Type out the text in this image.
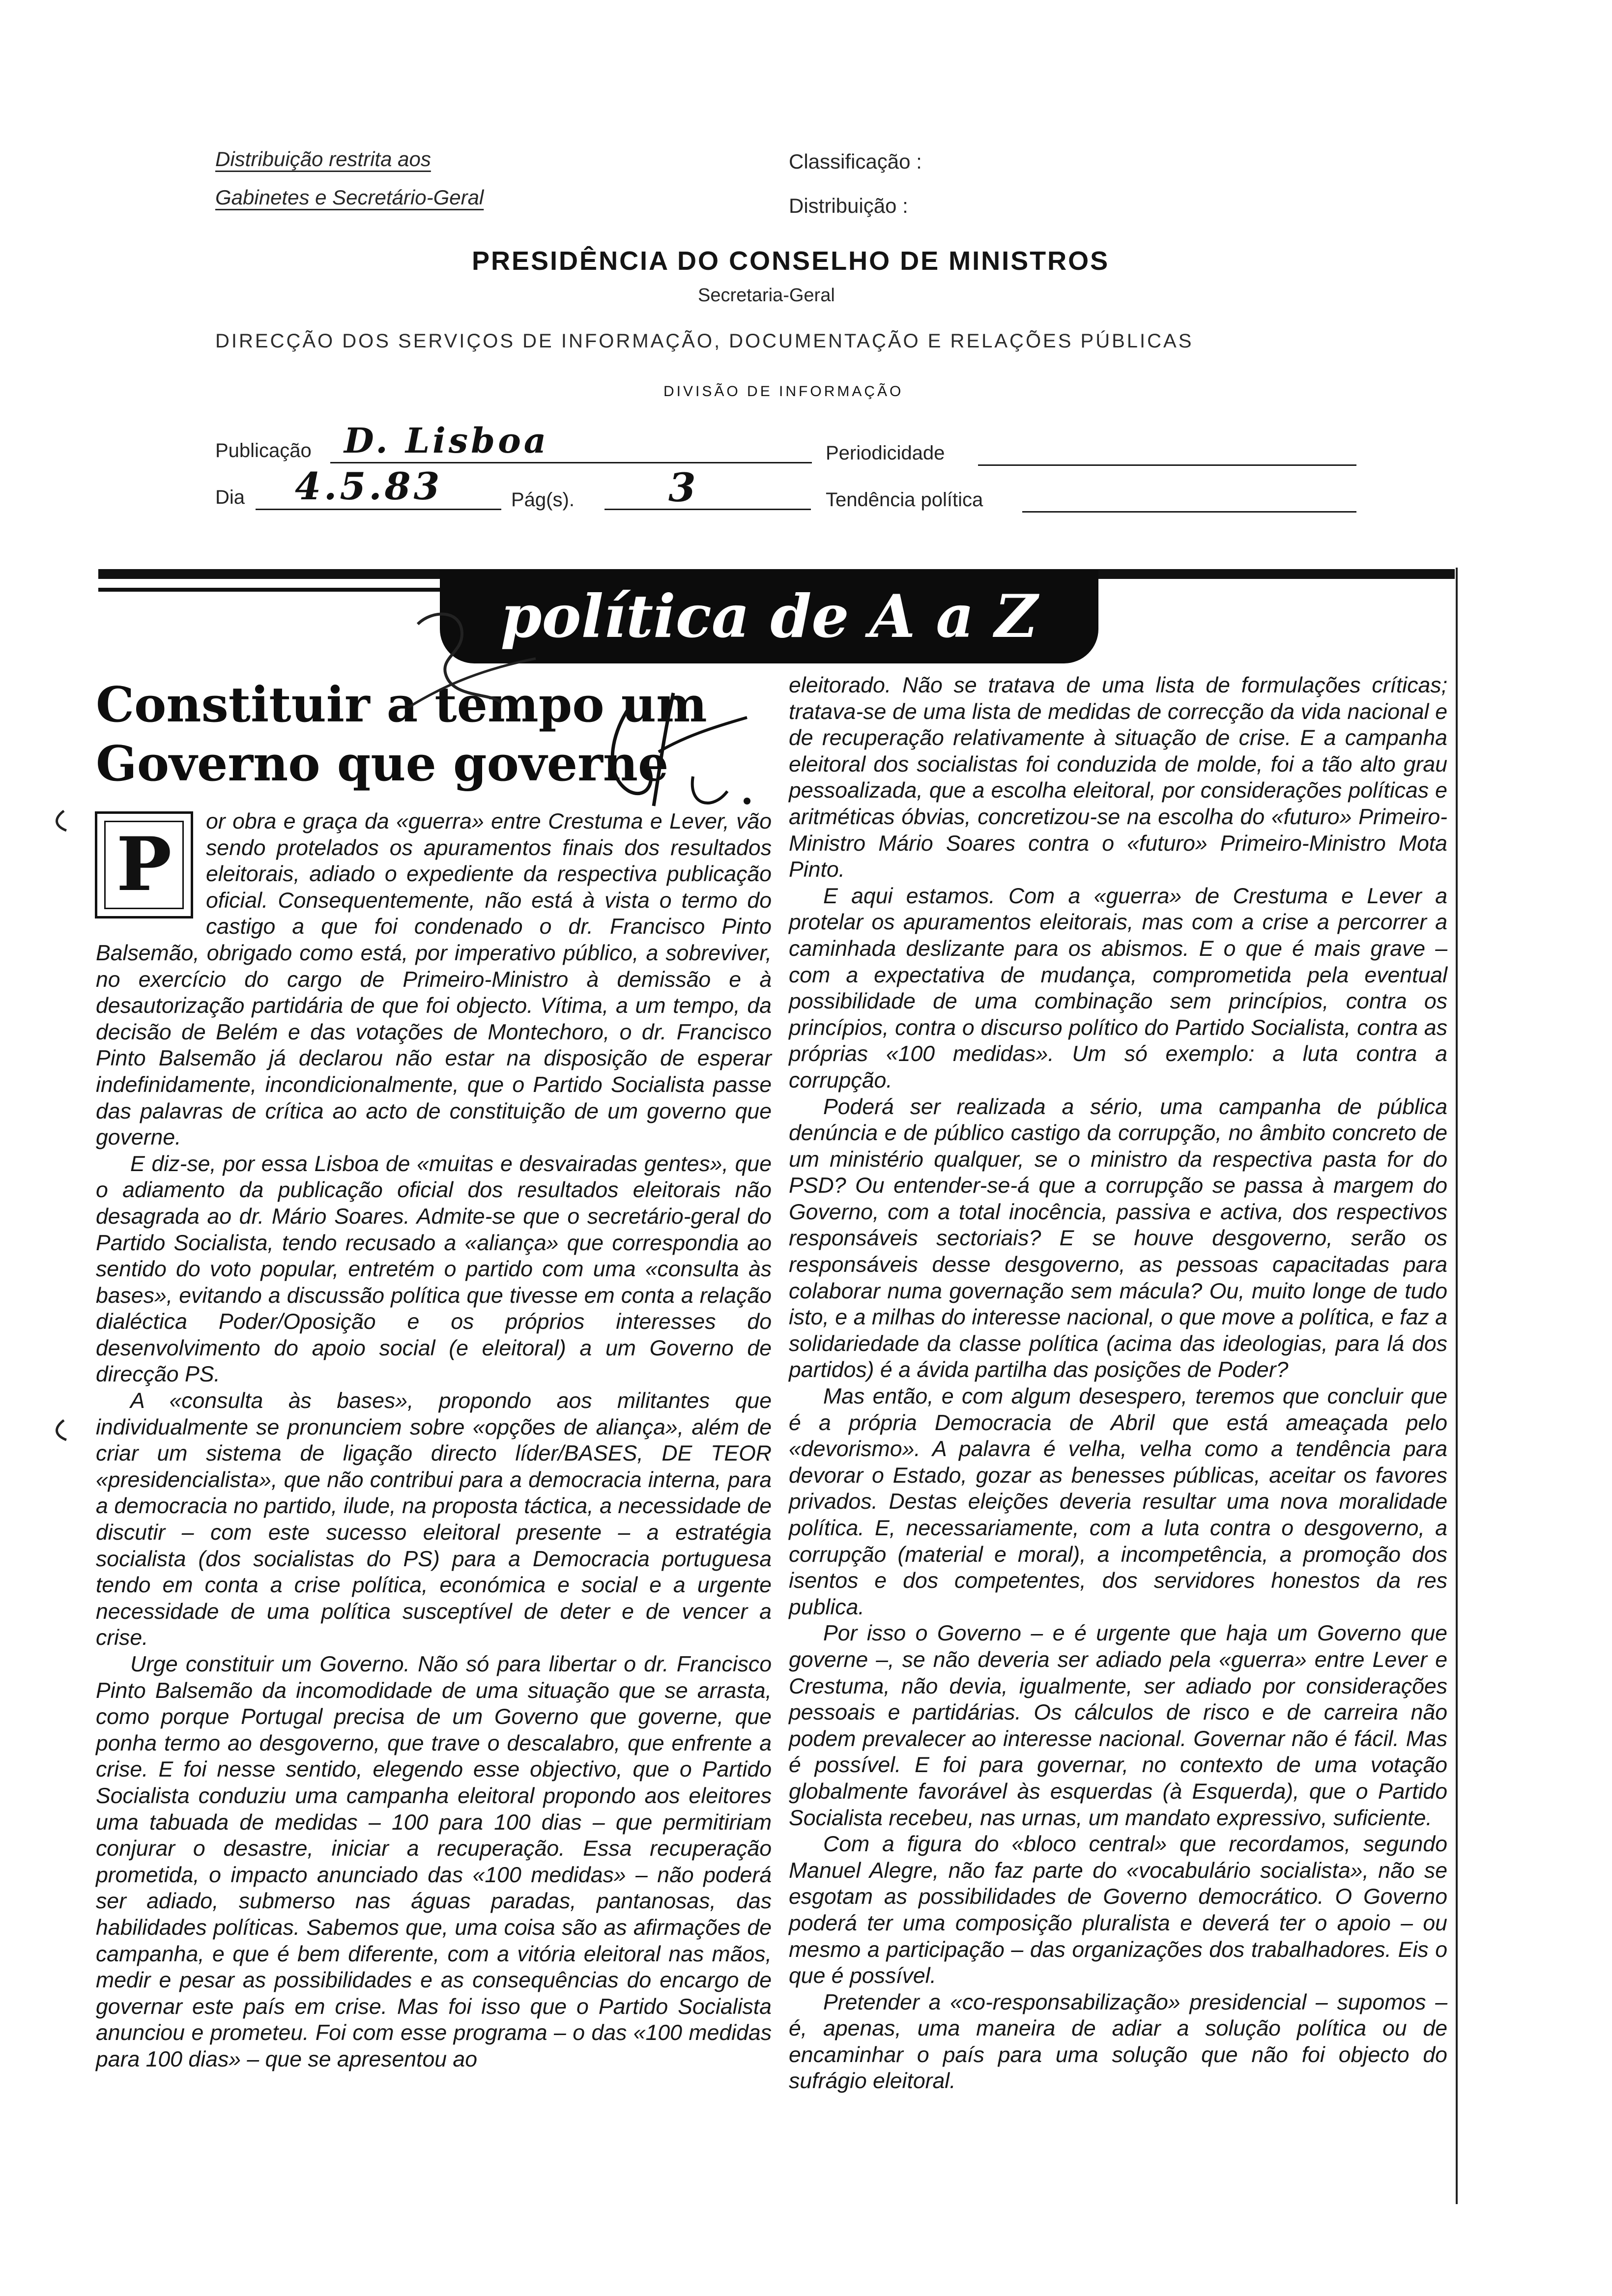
Distribuição restrita aos
Gabinetes e Secretário-Geral
Classificação :
Distribuição :
PRESIDÊNCIA DO CONSELHO DE MINISTROS
Secretaria-Geral
DIRECÇÃO DOS SERVIÇOS DE INFORMAÇÃO, DOCUMENTAÇÃO E RELAÇÕES PÚBLICAS
DIVISÃO DE INFORMAÇÃO
Publicação D. Lisboa	Periodicidade
Dia 4.5.83	Pág(s). 3	Tendência política
política de A a Z
Constituir a tempo um
Governo que governe
P	or obra e graça da «guerra» entre Crestuma e Lever, vão sendo protelados os apuramentos finais dos resultados eleitorais, adiado o expediente da respectiva publicação oficial. Consequentemente, não está à vista o termo do castigo a que foi condenado o dr. Francisco Pinto Balsemão, obrigado como está, por imperativo público, a sobreviver, no exercício do cargo de Primeiro-Ministro à demissão e à desautorização partidária de que foi objecto. Vítima, a um tempo, da decisão de Belém e das votações de Montechoro, o dr. Francisco Pinto Balsemão já declarou não estar na disposição de esperar indefinidamente, incondicionalmente, que o Partido Socialista passe das palavras de crítica ao acto de constituição de um governo que governe.

E diz-se, por essa Lisboa de «muitas e desvairadas gentes», que o adiamento da publicação oficial dos resultados eleitorais não desagrada ao dr. Mário Soares. Admite-se que o secretário-geral do Partido Socialista, tendo recusado a «aliança» que correspondia ao sentido do voto popular, entretém o partido com uma «consulta às bases», evitando a discussão política que tivesse em conta a relação dialéctica Poder/Oposição e os próprios interesses do desenvolvimento do apoio social (e eleitoral) a um Governo de direcção PS.

A «consulta às bases», propondo aos militantes que individualmente se pronunciem sobre «opções de aliança», além de criar um sistema de ligação directo líder/BASES, DE TEOR «presidencialista», que não contribui para a democracia interna, para a democracia no partido, ilude, na proposta táctica, a necessidade de discutir – com este sucesso eleitoral presente – a estratégia socialista (dos socialistas do PS) para a Democracia portuguesa tendo em conta a crise política, económica e social e a urgente necessidade de uma política susceptível de deter e de vencer a crise.

Urge constituir um Governo. Não só para libertar o dr. Francisco Pinto Balsemão da incomodidade de uma situação que se arrasta, como porque Portugal precisa de um Governo que governe, que ponha termo ao desgoverno, que trave o descalabro, que enfrente a crise. E foi nesse sentido, elegendo esse objectivo, que o Partido Socialista conduziu uma campanha eleitoral propondo aos eleitores uma tabuada de medidas – 100 para 100 dias – que permitiriam conjurar o desastre, iniciar a recuperação. Essa recuperação prometida, o impacto anunciado das «100 medidas» – não poderá ser adiado, submerso nas águas paradas, pantanosas, das habilidades políticas. Sabemos que, uma coisa são as afirmações de campanha, e que é bem diferente, com a vitória eleitoral nas mãos, medir e pesar as possibilidades e as consequências do encargo de governar este país em crise. Mas foi isso que o Partido Socialista anunciou e prometeu. Foi com esse programa – o das «100 medidas para 100 dias» – que se apresentou ao

eleitorado. Não se tratava de uma lista de formulações críticas; tratava-se de uma lista de medidas de correcção da vida nacional e de recuperação relativamente à situação de crise. E a campanha eleitoral dos socialistas foi conduzida de molde, foi a tão alto grau pessoalizada, que a escolha eleitoral, por considerações políticas e aritméticas óbvias, concretizou-se na escolha do «futuro» Primeiro-Ministro Mário Soares contra o «futuro» Primeiro-Ministro Mota Pinto.

E aqui estamos. Com a «guerra» de Crestuma e Lever a protelar os apuramentos eleitorais, mas com a crise a percorrer a caminhada deslizante para os abismos. E o que é mais grave – com a expectativa de mudança, comprometida pela eventual possibilidade de uma combinação sem princípios, contra os princípios, contra o discurso político do Partido Socialista, contra as próprias «100 medidas». Um só exemplo: a luta contra a corrupção.

Poderá ser realizada a sério, uma campanha de pública denúncia e de público castigo da corrupção, no âmbito concreto de um ministério qualquer, se o ministro da respectiva pasta for do PSD? Ou entender-se-á que a corrupção se passa à margem do Governo, com a total inocência, passiva e activa, dos respectivos responsáveis sectoriais? E se houve desgoverno, serão os responsáveis desse desgoverno, as pessoas capacitadas para colaborar numa governação sem mácula? Ou, muito longe de tudo isto, e a milhas do interesse nacional, o que move a política, e faz a solidariedade da classe política (acima das ideologias, para lá dos partidos) é a ávida partilha das posições de Poder?

Mas então, e com algum desespero, teremos que concluir que é a própria Democracia de Abril que está ameaçada pelo «devorismo». A palavra é velha, velha como a tendência para devorar o Estado, gozar as benesses públicas, aceitar os favores privados. Destas eleições deveria resultar uma nova moralidade política. E, necessariamente, com a luta contra o desgoverno, a corrupção (material e moral), a incompetência, a promoção dos isentos e dos competentes, dos servidores honestos da res publica.

Por isso o Governo – e é urgente que haja um Governo que governe –, se não deveria ser adiado pela «guerra» entre Lever e Crestuma, não devia, igualmente, ser adiado por considerações pessoais e partidárias. Os cálculos de risco e de carreira não podem prevalecer ao interesse nacional. Governar não é fácil. Mas é possível. E foi para governar, no contexto de uma votação globalmente favorável às esquerdas (à Esquerda), que o Partido Socialista recebeu, nas urnas, um mandato expressivo, suficiente.

Com a figura do «bloco central» que recordamos, segundo Manuel Alegre, não faz parte do «vocabulário socialista», não se esgotam as possibilidades de Governo democrático. O Governo poderá ter uma composição pluralista e deverá ter o apoio – ou mesmo a participação – das organizações dos trabalhadores. Eis o que é possível.

Pretender a «co-responsabilização» presidencial – supomos – é, apenas, uma maneira de adiar a solução política ou de encaminhar o país para uma solução que não foi objecto do sufrágio eleitoral.
